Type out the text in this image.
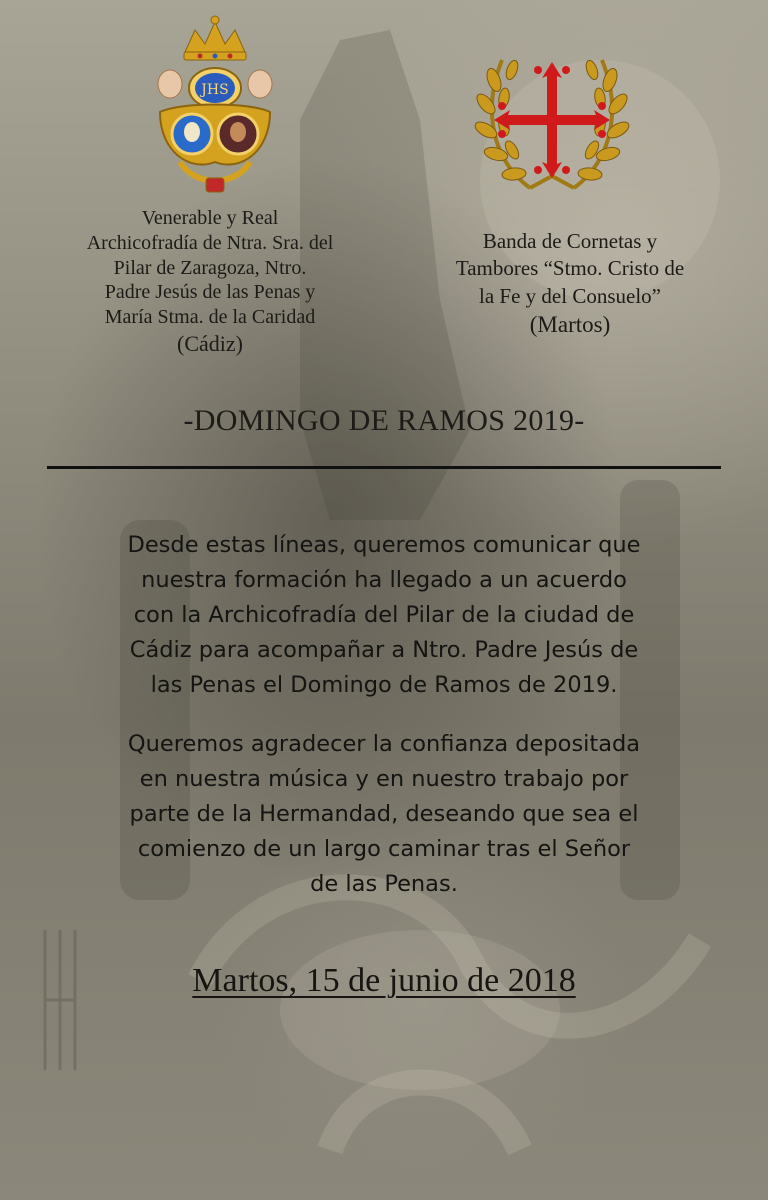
JHS
Venerable y Real
Archicofradía de Ntra. Sra. del
Pilar de Zaragoza, Ntro.
Padre Jesús de las Penas y
María Stma. de la Caridad
(Cádiz)
Banda de Cornetas y
Tambores “Stmo. Cristo de
la Fe y del Consuelo”
(Martos)
-DOMINGO DE RAMOS 2019-
Desde estas líneas, queremos comunicar que
nuestra formación ha llegado a un acuerdo
con la Archicofradía del Pilar de la ciudad de
Cádiz para acompañar a Ntro. Padre Jesús de
las Penas el Domingo de Ramos de 2019.
Queremos agradecer la confianza depositada
en nuestra música y en nuestro trabajo por
parte de la Hermandad, deseando que sea el
comienzo de un largo caminar tras el Señor
de las Penas.
Martos, 15 de junio de 2018
